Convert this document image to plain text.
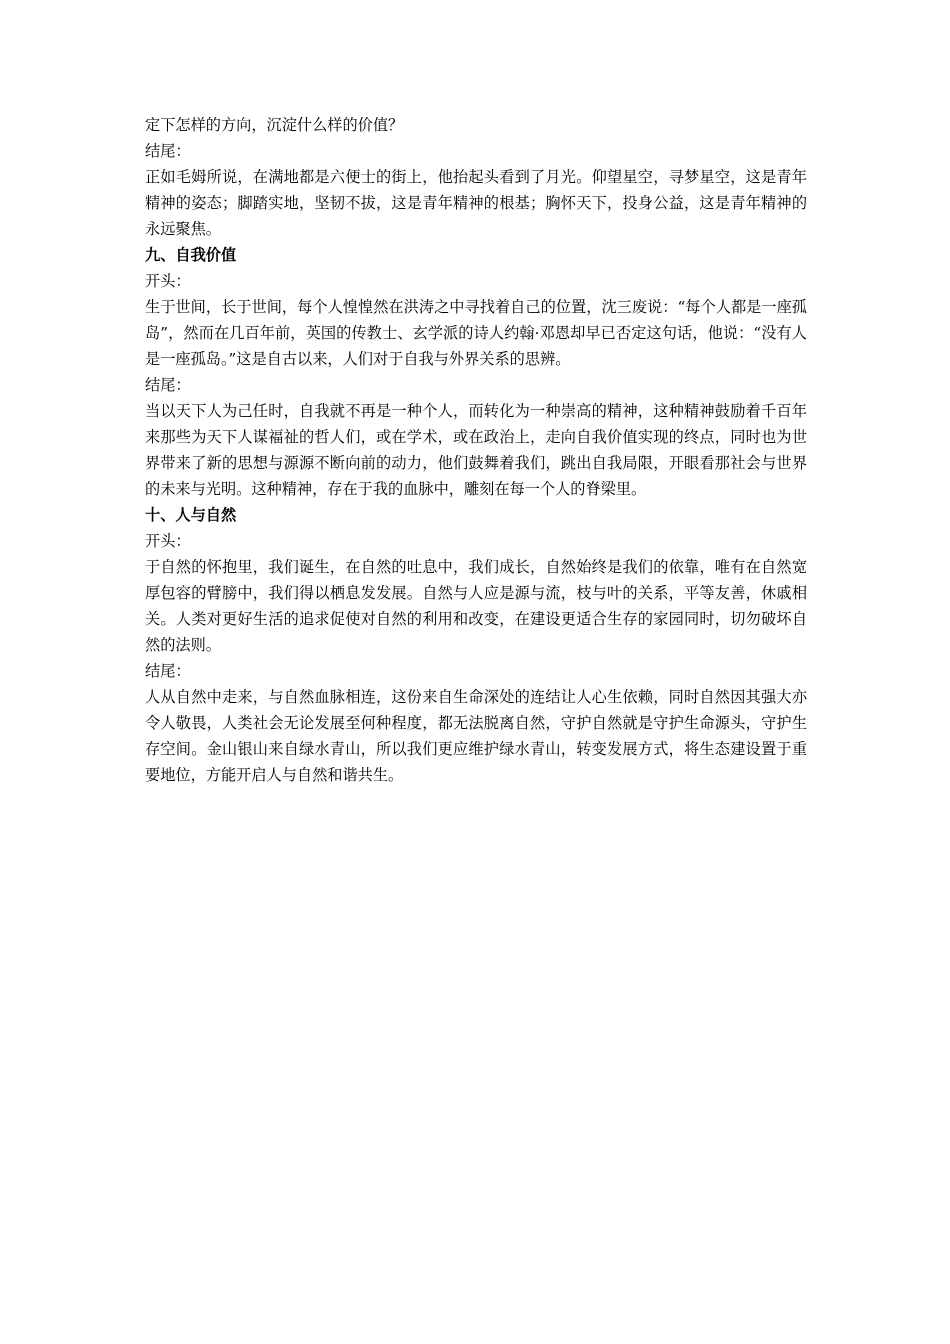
定下怎样的方向，沉淀什么样的价值？

结尾：

正如毛姆所说，在满地都是六便士的街上，他抬起头看到了月光。仰望星空，寻梦星空，这是青年精神的姿态；脚踏实地，坚韧不拔，这是青年精神的根基；胸怀天下，投身公益，这是青年精神的永远聚焦。

九、自我价值

开头：

生于世间，长于世间，每个人惶惶然在洪涛之中寻找着自己的位置，沈三废说：“每个人都是一座孤岛”，然而在几百年前，英国的传教士、玄学派的诗人约翰·邓恩却早已否定这句话，他说：“没有人是一座孤岛。”这是自古以来，人们对于自我与外界关系的思辨。

结尾：

当以天下人为己任时，自我就不再是一种个人，而转化为一种崇高的精神，这种精神鼓励着千百年来那些为天下人谋福祉的哲人们，或在学术，或在政治上，走向自我价值实现的终点，同时也为世界带来了新的思想与源源不断向前的动力，他们鼓舞着我们，跳出自我局限，开眼看那社会与世界的未来与光明。这种精神，存在于我的血脉中，雕刻在每一个人的脊梁里。

十、人与自然

开头：

于自然的怀抱里，我们诞生，在自然的吐息中，我们成长，自然始终是我们的依靠，唯有在自然宽厚包容的臂膀中，我们得以栖息发发展。自然与人应是源与流，枝与叶的关系，平等友善，休戚相关。人类对更好生活的追求促使对自然的利用和改变，在建设更适合生存的家园同时，切勿破坏自然的法则。

结尾：

人从自然中走来，与自然血脉相连，这份来自生命深处的连结让人心生依赖，同时自然因其强大亦令人敬畏，人类社会无论发展至何种程度，都无法脱离自然，守护自然就是守护生命源头，守护生存空间。金山银山来自绿水青山，所以我们更应维护绿水青山，转变发展方式，将生态建设置于重要地位，方能开启人与自然和谐共生。
